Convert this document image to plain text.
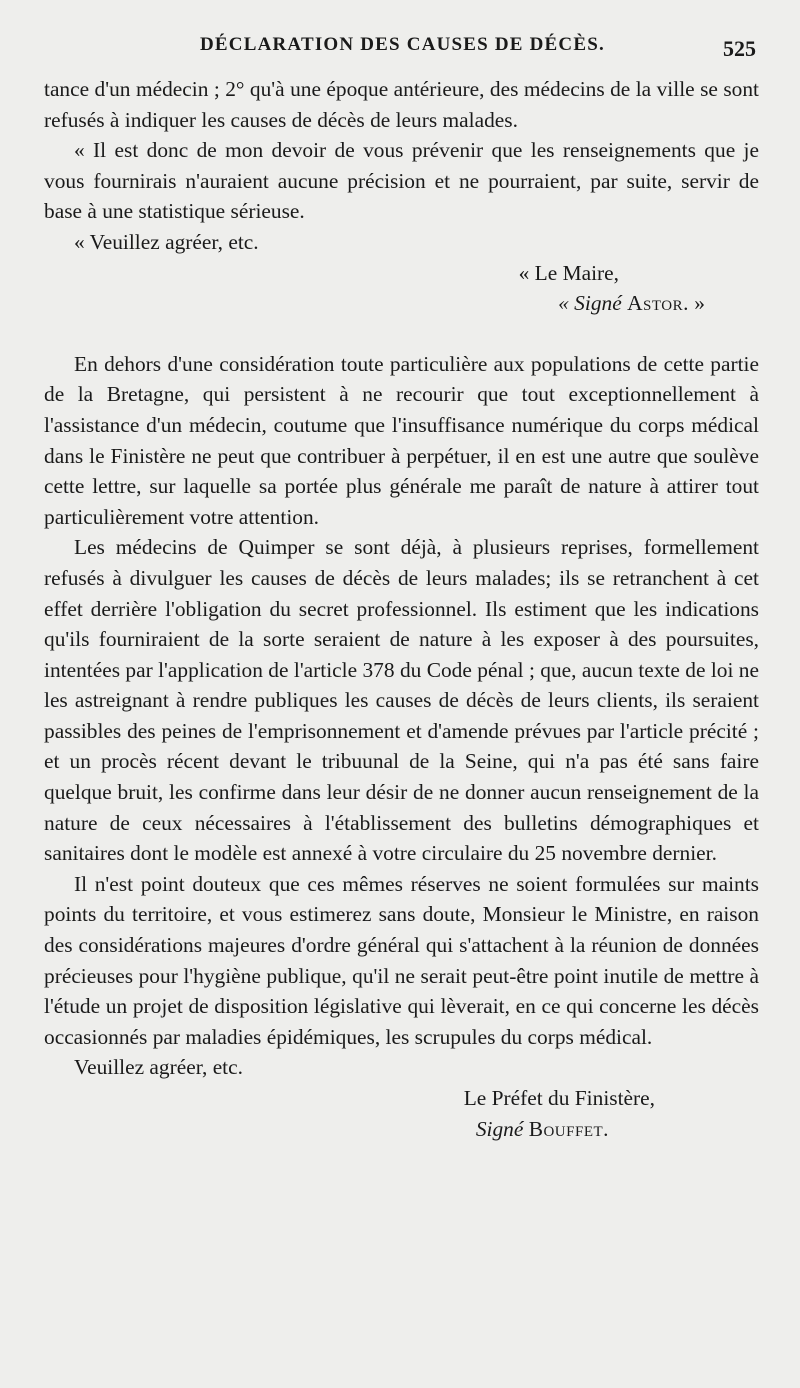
DÉCLARATION DES CAUSES DE DÉCÈS.	525

tance d'un médecin ; 2° qu'à une époque antérieure, des médecins de la ville se sont refusés à indiquer les causes de décès de leurs malades.

« Il est donc de mon devoir de vous prévenir que les renseignements que je vous fournirais n'auraient aucune précision et ne pourraient, par suite, servir de base à une statistique sérieuse.

« Veuillez agréer, etc.

« Le Maire,

« Signé Astor. »

En dehors d'une considération toute particulière aux populations de cette partie de la Bretagne, qui persistent à ne recourir que tout exceptionnellement à l'assistance d'un médecin, coutume que l'insuffisance numérique du corps médical dans le Finistère ne peut que contribuer à perpétuer, il en est une autre que soulève cette lettre, sur laquelle sa portée plus générale me paraît de nature à attirer tout particulièrement votre attention.

Les médecins de Quimper se sont déjà, à plusieurs reprises, formellement refusés à divulguer les causes de décès de leurs malades; ils se retranchent à cet effet derrière l'obligation du secret professionnel. Ils estiment que les indications qu'ils fourniraient de la sorte seraient de nature à les exposer à des poursuites, intentées par l'application de l'article 378 du Code pénal ; que, aucun texte de loi ne les astreignant à rendre publiques les causes de décès de leurs clients, ils seraient passibles des peines de l'emprisonnement et d'amende prévues par l'article précité ; et un procès récent devant le tribuunal de la Seine, qui n'a pas été sans faire quelque bruit, les confirme dans leur désir de ne donner aucun renseignement de la nature de ceux nécessaires à l'établissement des bulletins démographiques et sanitaires dont le modèle est annexé à votre circulaire du 25 novembre dernier.

Il n'est point douteux que ces mêmes réserves ne soient formulées sur maints points du territoire, et vous estimerez sans doute, Monsieur le Ministre, en raison des considérations majeures d'ordre général qui s'attachent à la réunion de données précieuses pour l'hygiène publique, qu'il ne serait peut-être point inutile de mettre à l'étude un projet de disposition législative qui lèverait, en ce qui concerne les décès occasionnés par maladies épidémiques, les scrupules du corps médical.

Veuillez agréer, etc.

Le Préfet du Finistère,

Signé Bouffet.
